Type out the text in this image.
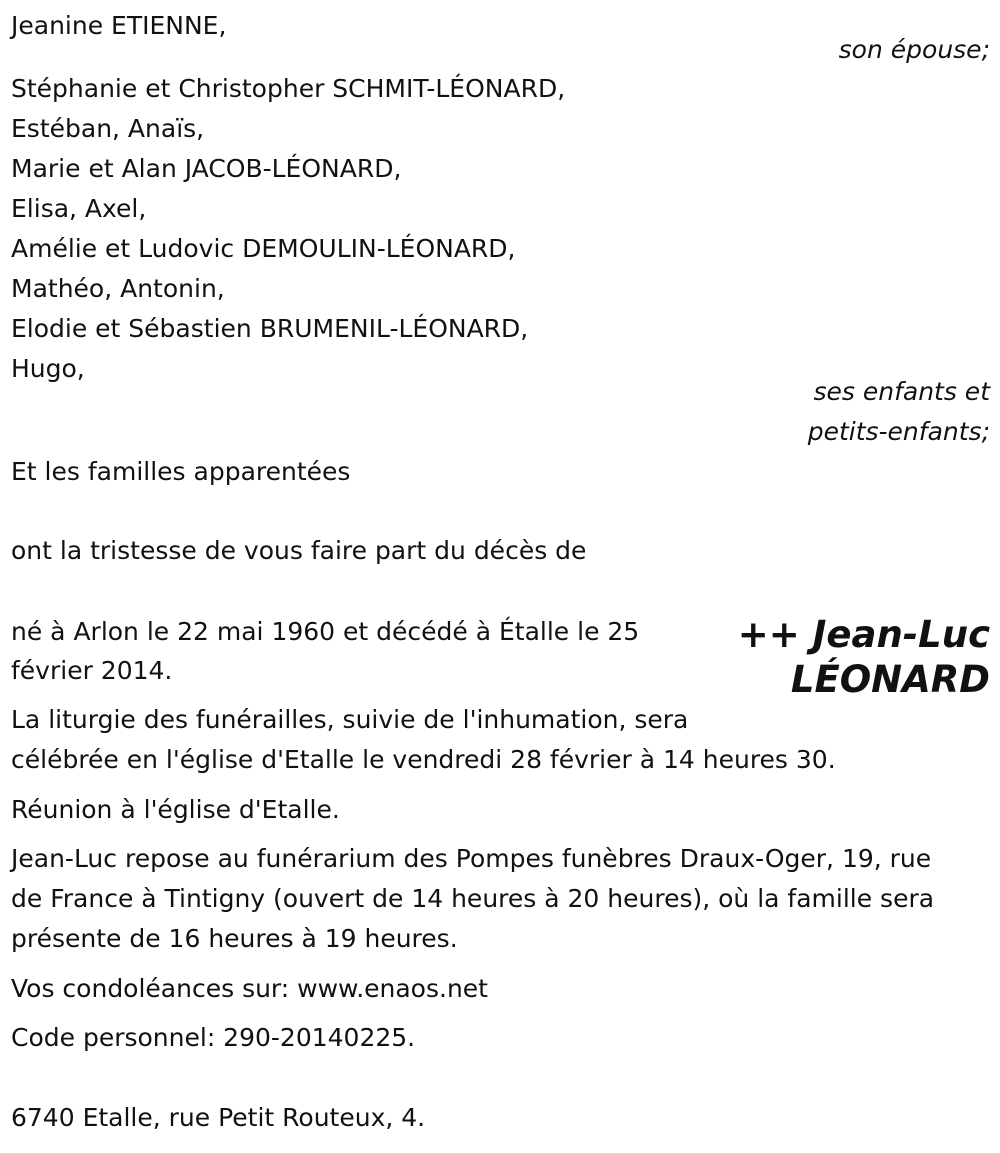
Jeanine ETIENNE,
son épouse;
Stéphanie et Christopher SCHMIT-LÉONARD,
Estéban, Anaïs,
Marie et Alan JACOB-LÉONARD,
Elisa, Axel,
Amélie et Ludovic DEMOULIN-LÉONARD,
Mathéo, Antonin,
Elodie et Sébastien BRUMENIL-LÉONARD,
Hugo,
ses enfants et
petits-enfants;
Et les familles apparentées
ont la tristesse de vous faire part du décès de
++ Jean-Luc
LÉONARD
né à Arlon le 22 mai 1960 et décédé à Étalle le 25
février 2014.
La liturgie des funérailles, suivie de l'inhumation, sera
célébrée en l'église d'Etalle le vendredi 28 février à 14 heures 30.
Réunion à l'église d'Etalle.
Jean-Luc repose au funérarium des Pompes funèbres Draux-Oger, 19, rue
de France à Tintigny (ouvert de 14 heures à 20 heures), où la famille sera
présente de 16 heures à 19 heures.
Vos condoléances sur: www.enaos.net
Code personnel: 290-20140225.
6740 Etalle, rue Petit Routeux, 4.
